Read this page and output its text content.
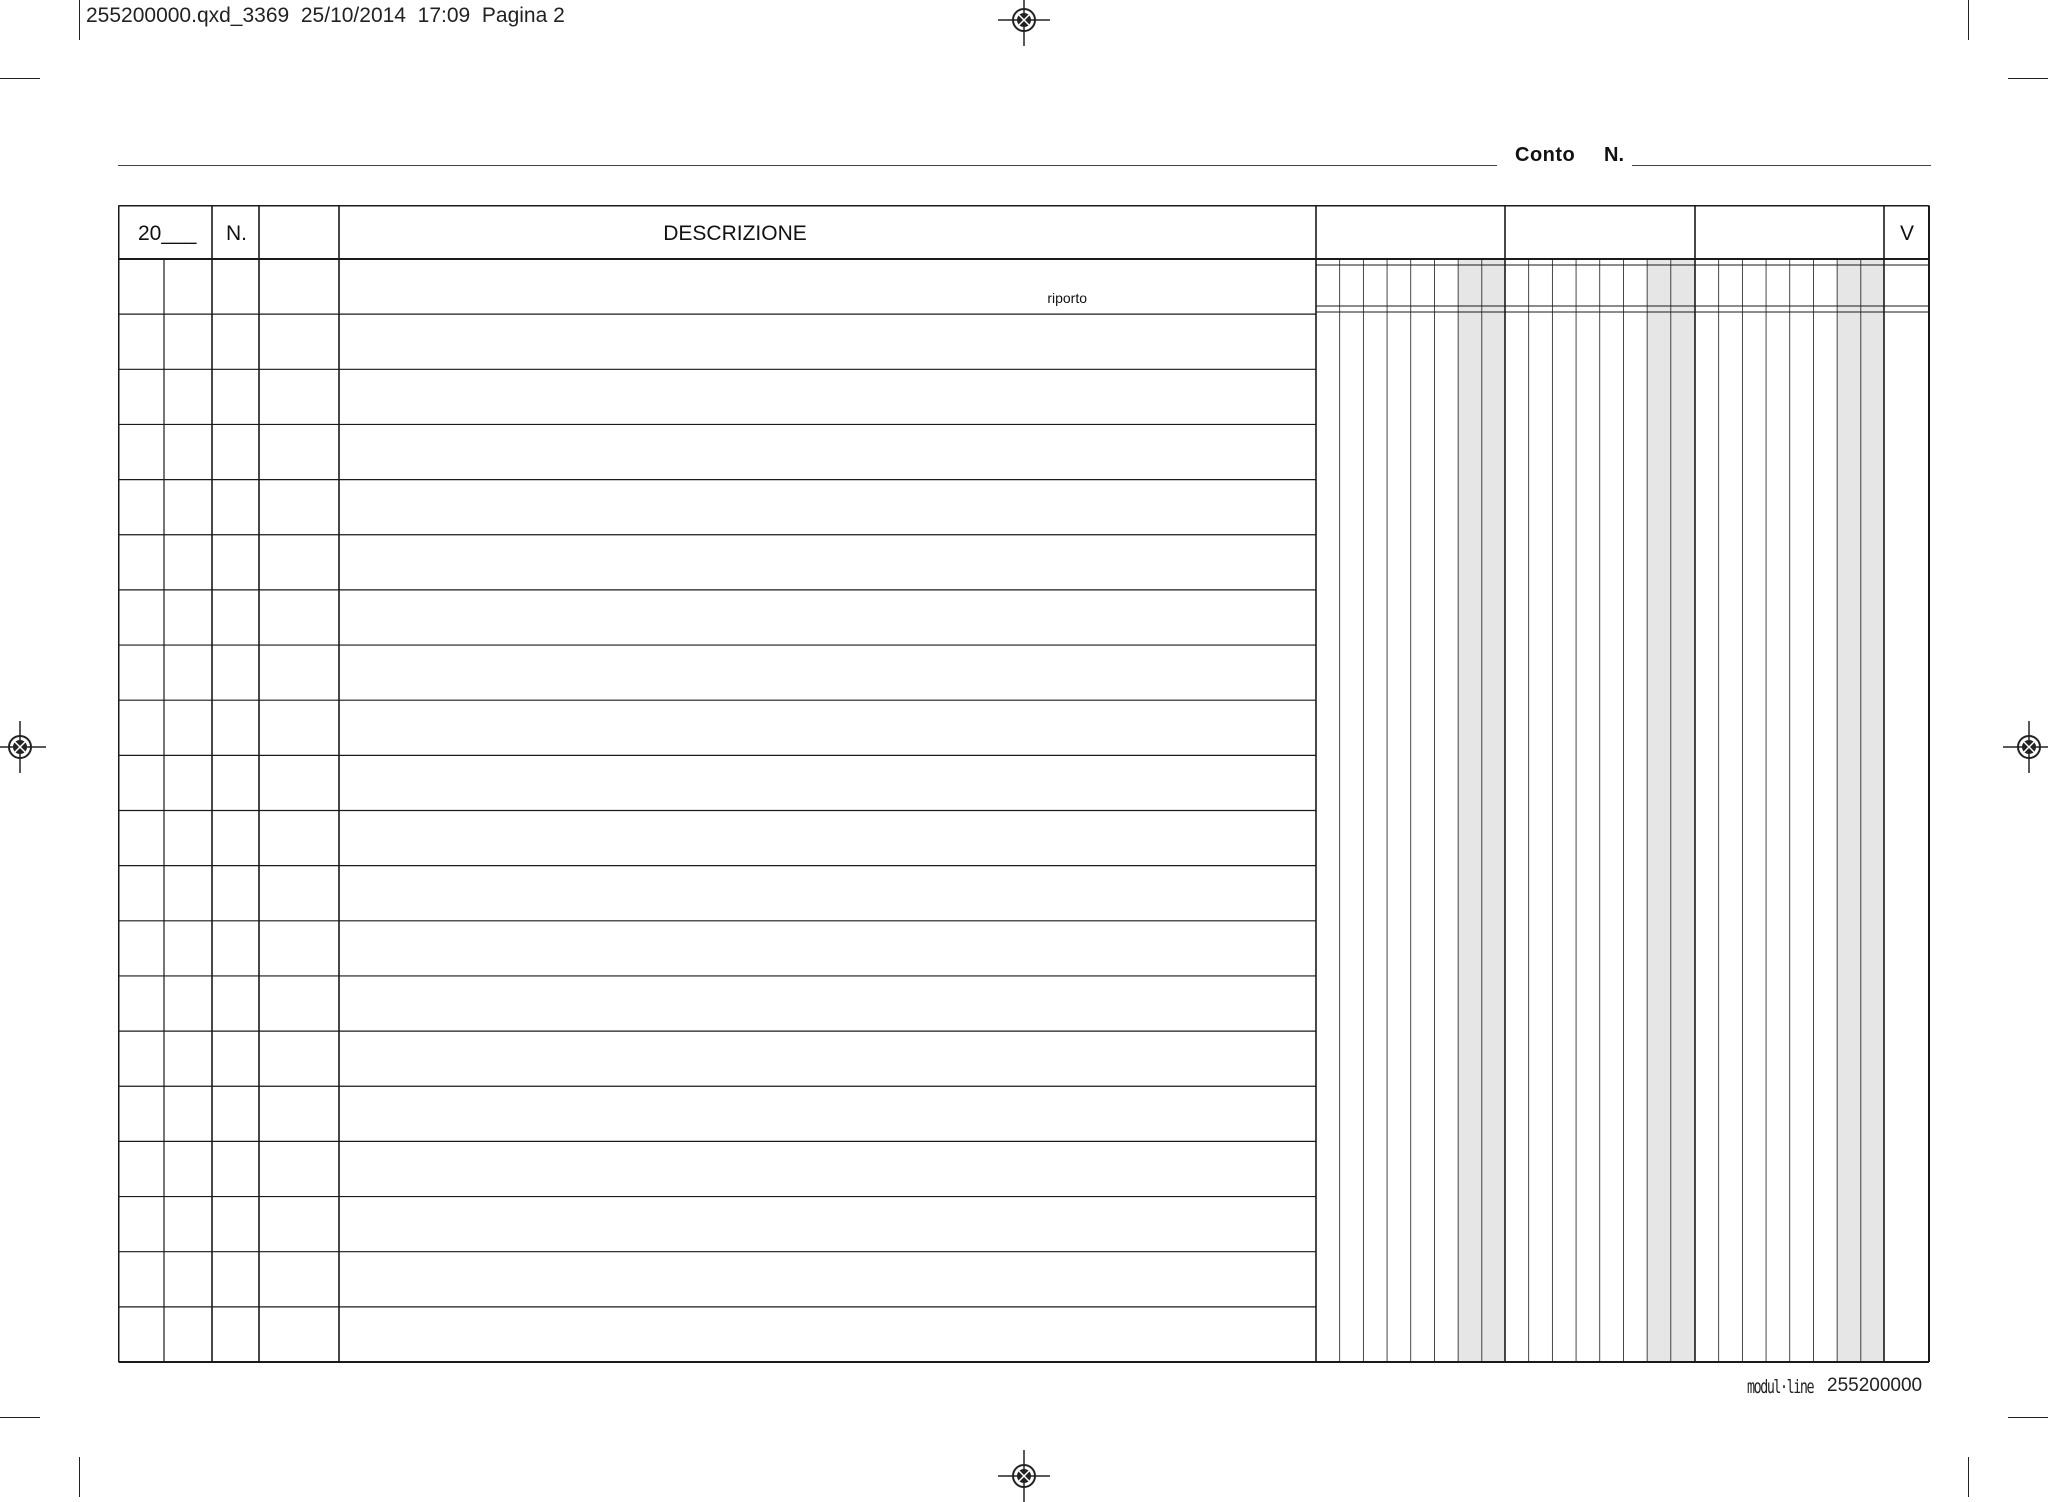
255200000.qxd_3369 25/10/2014 17:09 Pagina 2
Conto N.
20___ N.	DESCRIZIONE	V
riporto
modul·line 255200000
